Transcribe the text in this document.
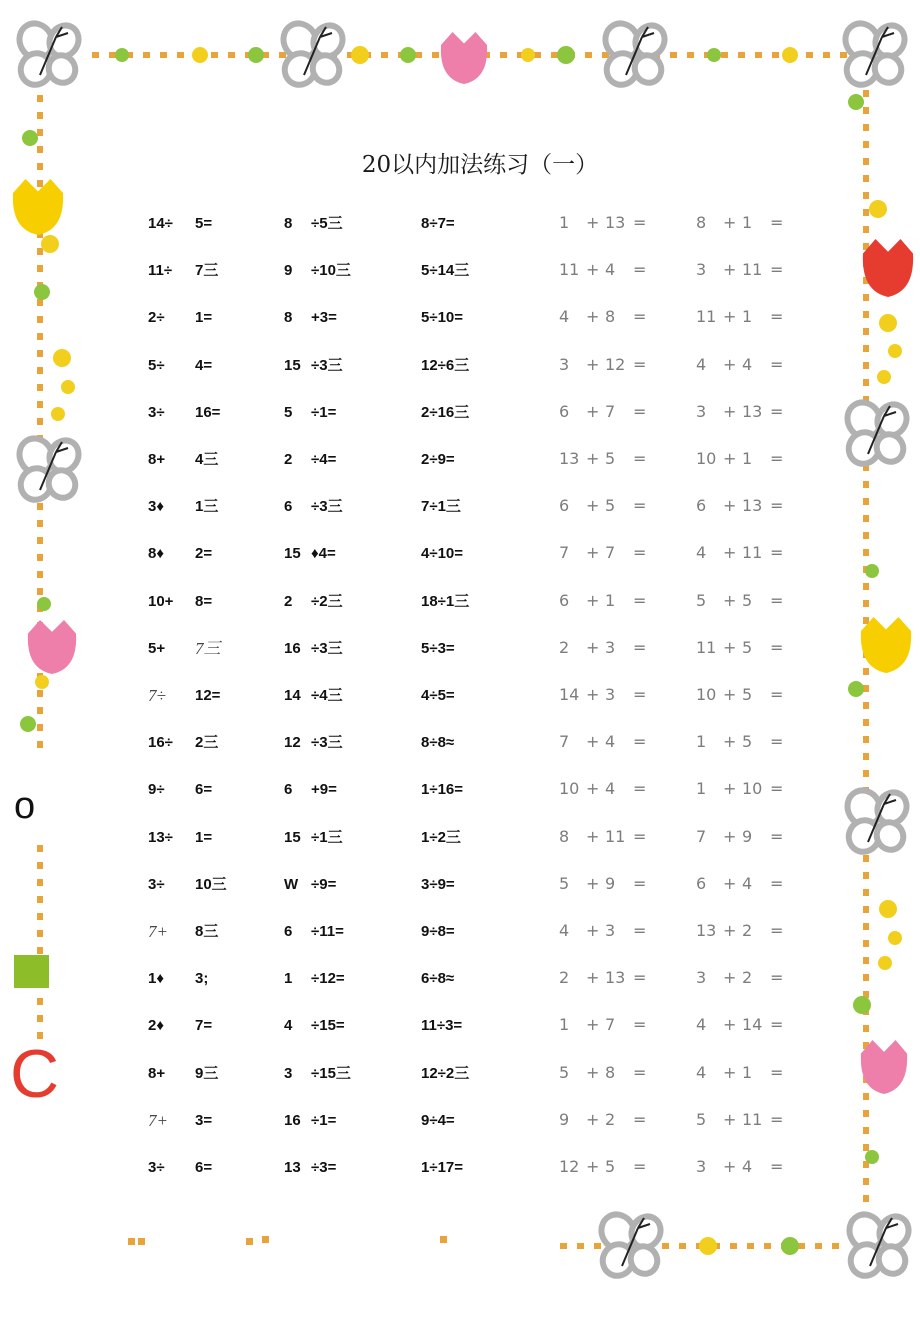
20以内加法练习（一）
14÷ 5=
11÷ 7三
2÷ 1=
5÷ 4=
3÷ 16=
8+ 4三
3♦ 1三
8♦ 2=
10+ 8=
5+ 7三
7÷ 12=
16÷ 2三
9÷ 6=
13÷ 1=
3÷ 10三
7+ 8三
1♦ 3;
2♦ 7=
8+ 9三
7+ 3=
3÷ 6=
8 ÷5三
9 ÷10三
8 +3=
15 ÷3三
5 ÷1=
2 ÷4=
6 ÷3三
15 ♦4=
2 ÷2三
16 ÷3三
14 ÷4三
12 ÷3三
6 +9=
15 ÷1三
W ÷9=
6 ÷11=
1 ÷12=
4 ÷15=
3 ÷15三
16 ÷1=
13 ÷3=
8÷7=
5÷14三
5÷10=
12÷6三
2÷16三
2÷9=
7÷1三
4÷10=
18÷1三
5÷3=
4÷5=
8÷8≈
1÷16=
1÷2三
3÷9=
9÷8=
6÷8≈
11÷3=
12÷2三
9÷4=
1÷17=
1 + 13 =
11 + 4 =
4 + 8 =
3 + 12 =
6 + 7 =
13 + 5 =
6 + 5 =
7 + 7 =
6 + 1 =
2 + 3 =
14 + 3 =
7 + 4 =
10 + 4 =
8 + 11 =
5 + 9 =
4 + 3 =
2 + 13 =
1 + 7 =
5 + 8 =
9 + 2 =
12 + 5 =
8 + 1 =
3 + 11 =
11 + 1 =
4 + 4 =
3 + 13 =
10 + 1 =
6 + 13 =
4 + 11 =
5 + 5 =
11 + 5 =
10 + 5 =
1 + 5 =
1 + 10 =
7 + 9 =
6 + 4 =
13 + 2 =
3 + 2 =
4 + 14 =
4 + 1 =
5 + 11 =
3 + 4 =
o
C
